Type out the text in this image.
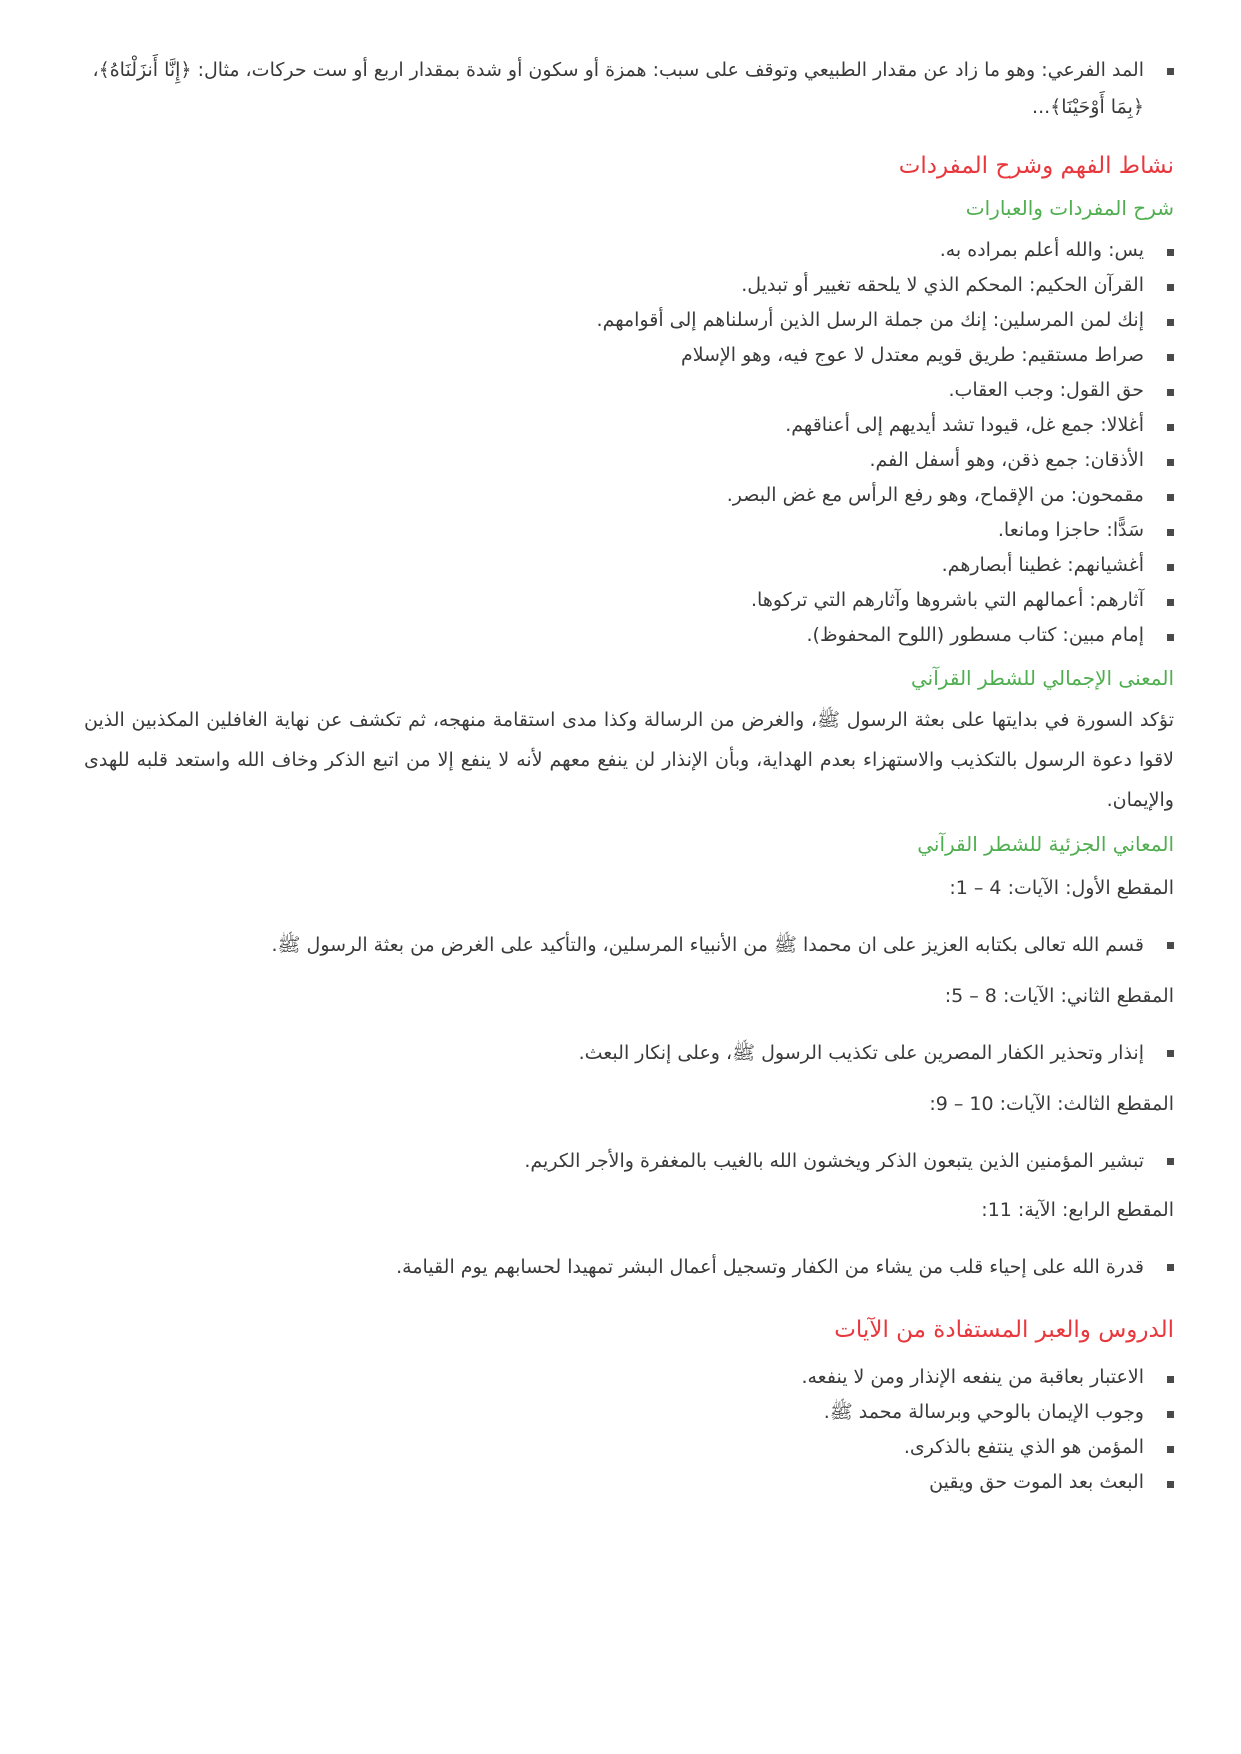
المد الفرعي: وهو ما زاد عن مقدار الطبيعي وتوقف على سبب: همزة أو سكون أو شدة بمقدار اربع أو ست حركات، مثال: ﴿إِنَّا أَنزَلْنَاهُ﴾، ﴿بِمَا أَوْحَيْنَا﴾...
نشاط الفهم وشرح المفردات
شرح المفردات والعبارات
يس: والله أعلم بمراده به.
القرآن الحكيم: المحكم الذي لا يلحقه تغيير أو تبديل.
إنك لمن المرسلين: إنك من جملة الرسل الذين أرسلناهم إلى أقوامهم.
صراط مستقيم: طريق قويم معتدل لا عوج فيه، وهو الإسلام
حق القول: وجب العقاب.
أغلالا: جمع غل، قيودا تشد أيديهم إلى أعناقهم.
الأذقان: جمع ذقن، وهو أسفل الفم.
مقمحون: من الإقماح، وهو رفع الرأس مع غض البصر.
سَدًّا: حاجزا ومانعا.
أغشيانهم: غطينا أبصارهم.
آثارهم: أعمالهم التي باشروها وآثارهم التي تركوها.
إمام مبين: كتاب مسطور (اللوح المحفوظ).
المعنى الإجمالي للشطر القرآني

تؤكد السورة في بدايتها على بعثة الرسول ﷺ، والغرض من الرسالة وكذا مدى استقامة منهجه، ثم تكشف عن نهاية الغافلين المكذبين الذين لاقوا دعوة الرسول بالتكذيب والاستهزاء بعدم الهداية، وبأن الإنذار لن ينفع معهم لأنه لا ينفع إلا من اتبع الذكر وخاف الله واستعد قلبه للهدى والإيمان.

المعاني الجزئية للشطر القرآني

المقطع الأول: الآيات: 1 – 4:

قسم الله تعالى بكتابه العزيز على ان محمدا ﷺ من الأنبياء المرسلين، والتأكيد على الغرض من بعثة الرسول ﷺ.

المقطع الثاني: الآيات: 5 – 8:

إنذار وتحذير الكفار المصرين على تكذيب الرسول ﷺ، وعلى إنكار البعث.

المقطع الثالث: الآيات: 9 – 10:

تبشير المؤمنين الذين يتبعون الذكر ويخشون الله بالغيب بالمغفرة والأجر الكريم.

المقطع الرابع: الآية: 11:

قدرة الله على إحياء قلب من يشاء من الكفار وتسجيل أعمال البشر تمهيدا لحسابهم يوم القيامة.
الدروس والعبر المستفادة من الآيات
الاعتبار بعاقبة من ينفعه الإنذار ومن لا ينفعه.
وجوب الإيمان بالوحي وبرسالة محمد ﷺ.
المؤمن هو الذي ينتفع بالذكرى.
البعث بعد الموت حق ويقين
